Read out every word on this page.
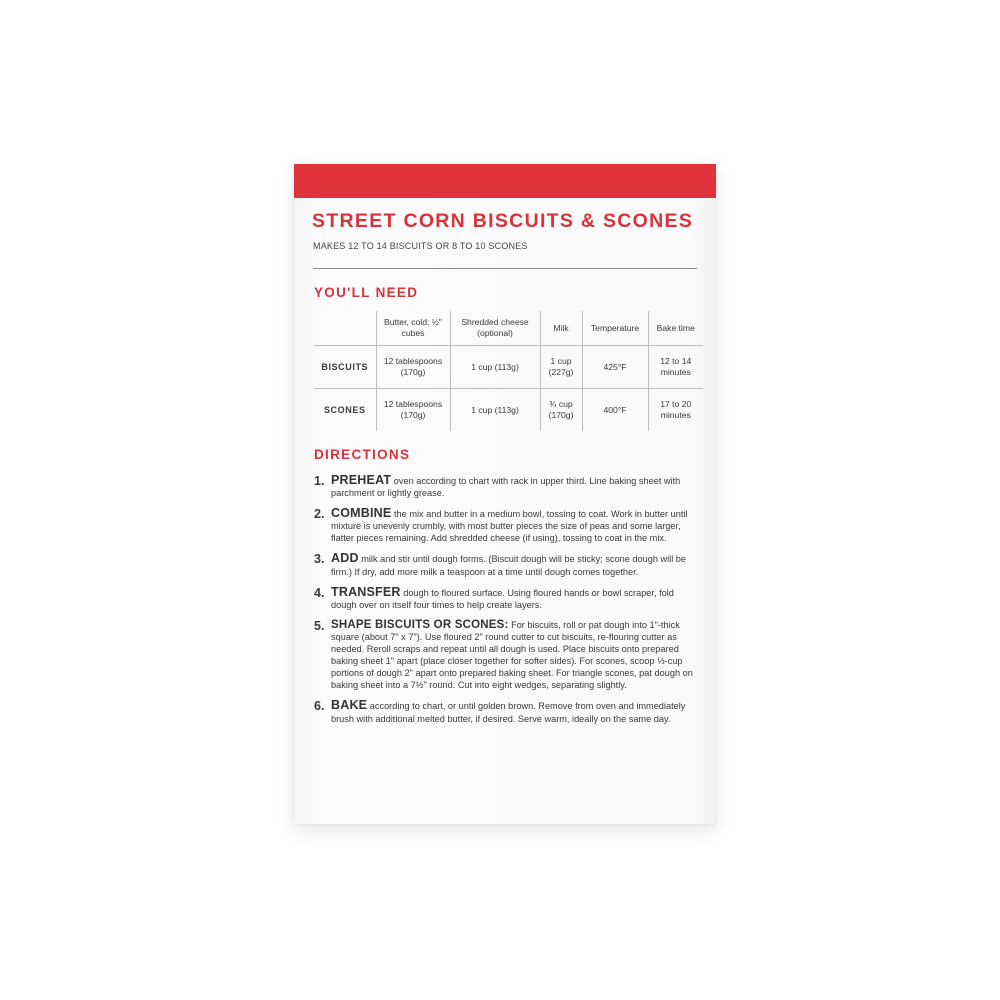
STREET CORN BISCUITS & SCONES
MAKES 12 TO 14 BISCUITS OR 8 TO 10 SCONES
YOU'LL NEED
	Butter, cold; ½" cubes	Shredded cheese (optional)	Milk	Temperature	Bake time
BISCUITS	12 tablespoons (170g)	1 cup (113g)	1 cup (227g)	425°F	12 to 14 minutes
SCONES	12 tablespoons (170g)	1 cup (113g)	¾ cup (170g)	400°F	17 to 20 minutes
DIRECTIONS
1. PREHEAT oven according to chart with rack in upper third. Line baking sheet with parchment or lightly grease.
2. COMBINE the mix and butter in a medium bowl, tossing to coat. Work in butter until mixture is unevenly crumbly, with most butter pieces the size of peas and some larger, flatter pieces remaining. Add shredded cheese (if using), tossing to coat in the mix.
3. ADD milk and stir until dough forms. (Biscuit dough will be sticky; scone dough will be firm.) If dry, add more milk a teaspoon at a time until dough comes together.
4. TRANSFER dough to floured surface. Using floured hands or bowl scraper, fold dough over on itself four times to help create layers.
5. SHAPE BISCUITS OR SCONES: For biscuits, roll or pat dough into 1"-thick square (about 7" x 7"). Use floured 2" round cutter to cut biscuits, re-flouring cutter as needed. Reroll scraps and repeat until all dough is used. Place biscuits onto prepared baking sheet 1" apart (place closer together for softer sides). For scones, scoop ⅓-cup portions of dough 2" apart onto prepared baking sheet. For triangle scones, pat dough on baking sheet into a 7½" round. Cut into eight wedges, separating slightly.
6. BAKE according to chart, or until golden brown. Remove from oven and immediately brush with additional melted butter, if desired. Serve warm, ideally on the same day.
